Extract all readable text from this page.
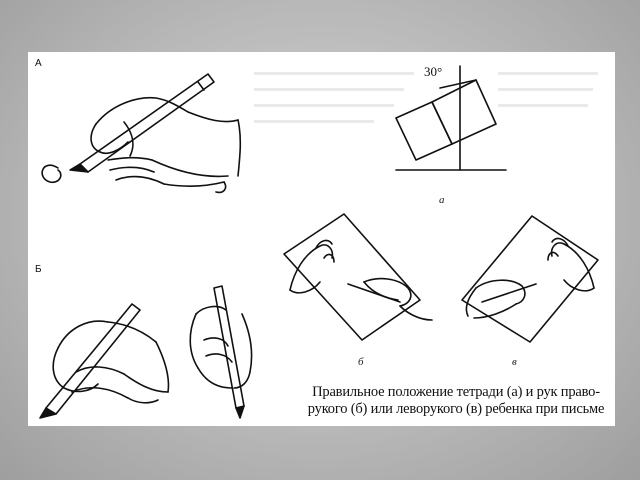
А
Б
30°
а
б	в
Правильное положение тетради (а) и рук право-
рукого (б) или леворукого (в) ребенка при письме
